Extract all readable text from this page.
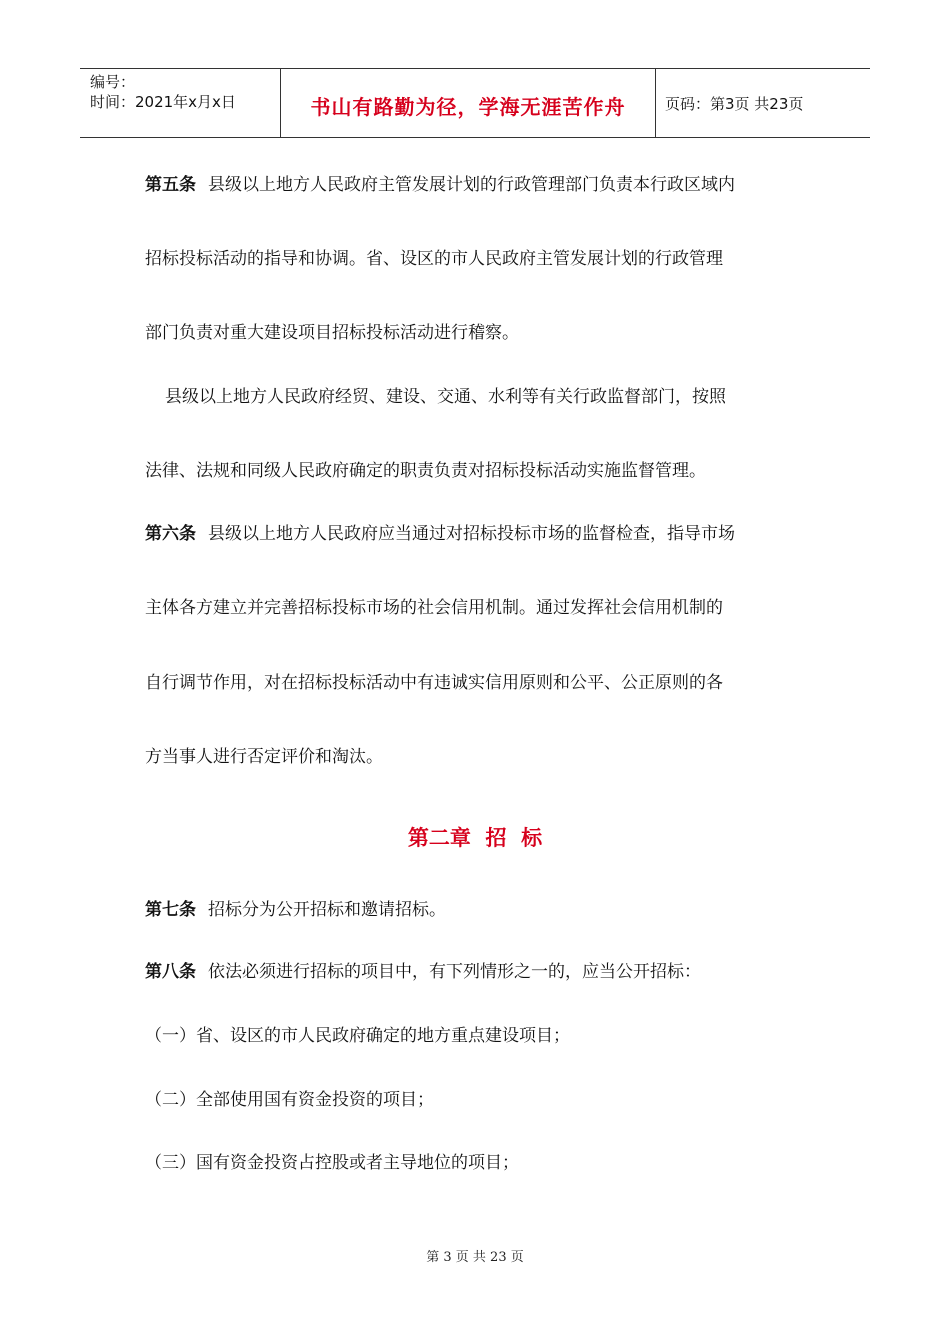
编号：
时间：2021年x月x日	书山有路勤为径，学海无涯苦作舟	页码：第3页 共23页
第五条 县级以上地方人民政府主管发展计划的行政管理部门负责本行政区域内
招标投标活动的指导和协调。省、设区的市人民政府主管发展计划的行政管理
部门负责对重大建设项目招标投标活动进行稽察。
县级以上地方人民政府经贸、建设、交通、水利等有关行政监督部门，按照
法律、法规和同级人民政府确定的职责负责对招标投标活动实施监督管理。
第六条 县级以上地方人民政府应当通过对招标投标市场的监督检查，指导市场
主体各方建立并完善招标投标市场的社会信用机制。通过发挥社会信用机制的
自行调节作用，对在招标投标活动中有违诚实信用原则和公平、公正原则的各
方当事人进行否定评价和淘汰。
第二章  招  标
第七条 招标分为公开招标和邀请招标。
第八条 依法必须进行招标的项目中，有下列情形之一的，应当公开招标：
（一）省、设区的市人民政府确定的地方重点建设项目；
（二）全部使用国有资金投资的项目；
（三）国有资金投资占控股或者主导地位的项目；
第 3 页 共 23 页
